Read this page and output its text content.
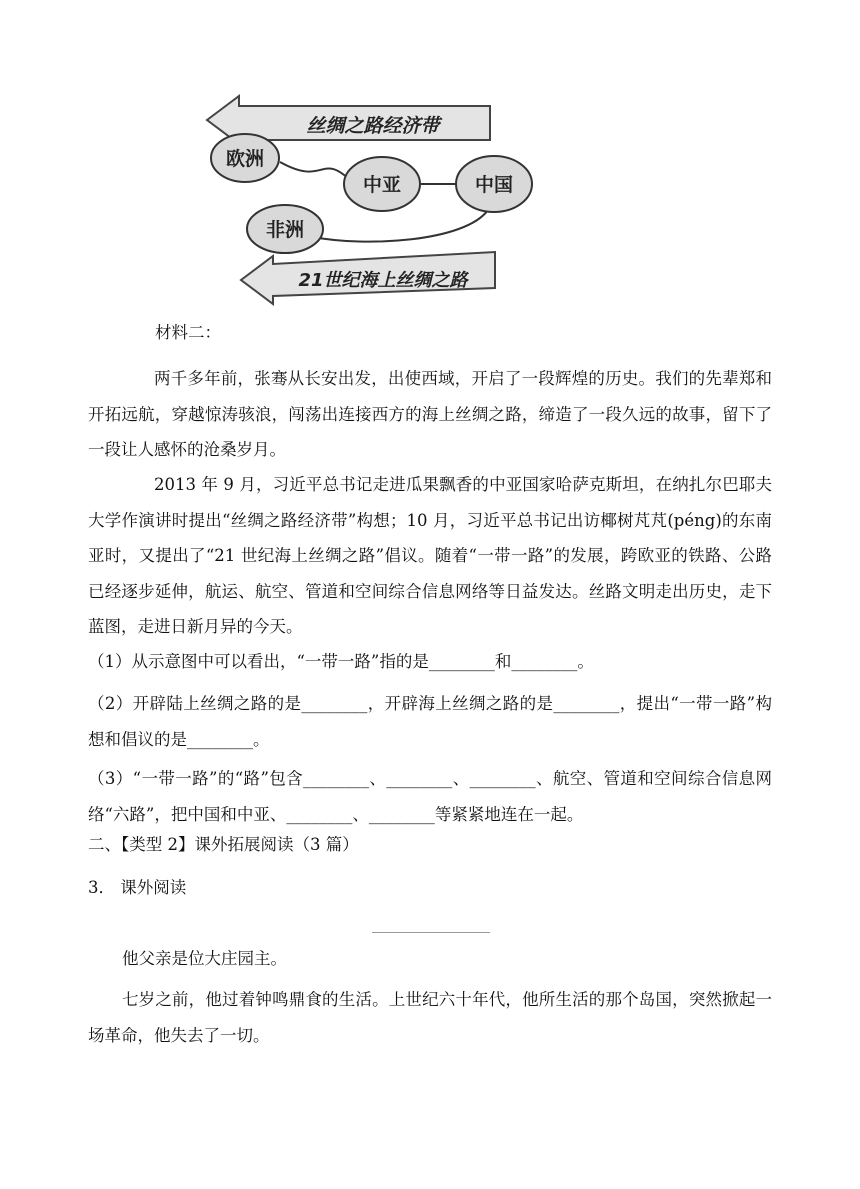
丝绸之路经济带
欧洲
中亚	中国
非洲
21世纪海上丝绸之路
材料二：
两千多年前，张骞从长安出发，出使西域，开启了一段辉煌的历史。我们的先辈郑和开拓远航，穿越惊涛骇浪，闯荡出连接西方的海上丝绸之路，缔造了一段久远的故事，留下了一段让人感怀的沧桑岁月。
2013 年 9 月，习近平总书记走进瓜果飘香的中亚国家哈萨克斯坦，在纳扎尔巴耶夫大学作演讲时提出“丝绸之路经济带”构想；10 月，习近平总书记出访椰树芃芃(péng)的东南亚时，又提出了“21 世纪海上丝绸之路”倡议。随着“一带一路”的发展，跨欧亚的铁路、公路已经逐步延伸，航运、航空、管道和空间综合信息网络等日益发达。丝路文明走出历史，走下蓝图，走进日新月异的今天。
（1）从示意图中可以看出，“一带一路”指的是________和________。
（2）开辟陆上丝绸之路的是________，开辟海上丝绸之路的是________，提出“一带一路”构想和倡议的是________。
（3）“一带一路”的“路”包含________、________、________、航空、管道和空间综合信息网络“六路”，把中国和中亚、________、________等紧紧地连在一起。
二、【类型 2】课外拓展阅读（3 篇）
3． 课外阅读
他父亲是位大庄园主。
七岁之前，他过着钟鸣鼎食的生活。上世纪六十年代，他所生活的那个岛国，突然掀起一场革命，他失去了一切。
